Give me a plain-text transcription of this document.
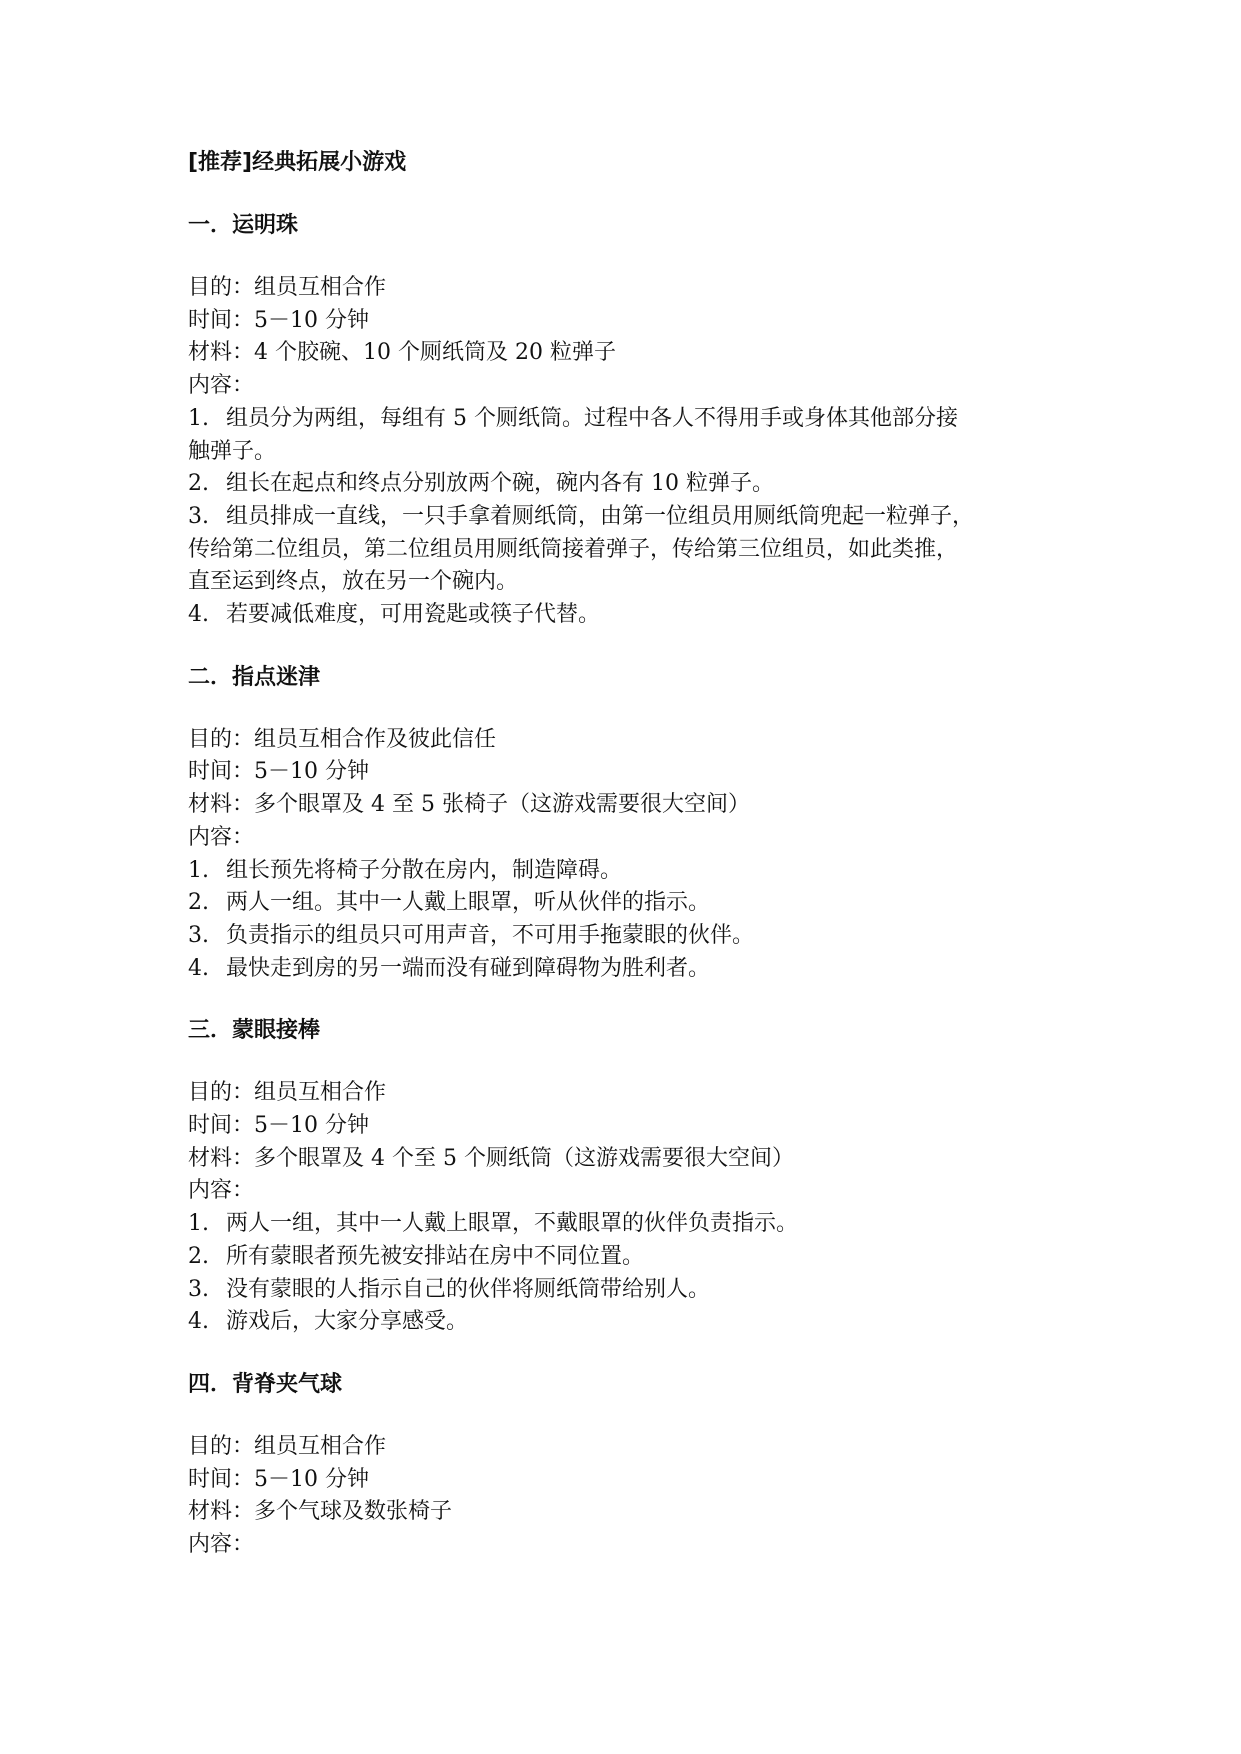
[推荐]经典拓展小游戏
一．运明珠
目的：组员互相合作
时间：5－10 分钟
材料：4 个胶碗、10 个厕纸筒及 20 粒弹子
内容：
1. 组员分为两组，每组有 5 个厕纸筒。过程中各人不得用手或身体其他部分接
触弹子。
2. 组长在起点和终点分别放两个碗，碗内各有 10 粒弹子。
3. 组员排成一直线，一只手拿着厕纸筒，由第一位组员用厕纸筒兜起一粒弹子，
传给第二位组员，第二位组员用厕纸筒接着弹子，传给第三位组员，如此类推，
直至运到终点，放在另一个碗内。
4. 若要减低难度，可用瓷匙或筷子代替。
二．指点迷津
目的：组员互相合作及彼此信任
时间：5－10 分钟
材料：多个眼罩及 4 至 5 张椅子（这游戏需要很大空间）
内容：
1. 组长预先将椅子分散在房内，制造障碍。
2. 两人一组。其中一人戴上眼罩，听从伙伴的指示。
3. 负责指示的组员只可用声音，不可用手拖蒙眼的伙伴。
4. 最快走到房的另一端而没有碰到障碍物为胜利者。
三．蒙眼接棒
目的：组员互相合作
时间：5－10 分钟
材料：多个眼罩及 4 个至 5 个厕纸筒（这游戏需要很大空间）
内容：
1. 两人一组，其中一人戴上眼罩，不戴眼罩的伙伴负责指示。
2. 所有蒙眼者预先被安排站在房中不同位置。
3. 没有蒙眼的人指示自己的伙伴将厕纸筒带给别人。
4. 游戏后，大家分享感受。
四．背脊夹气球
目的：组员互相合作
时间：5－10 分钟
材料：多个气球及数张椅子
内容：
